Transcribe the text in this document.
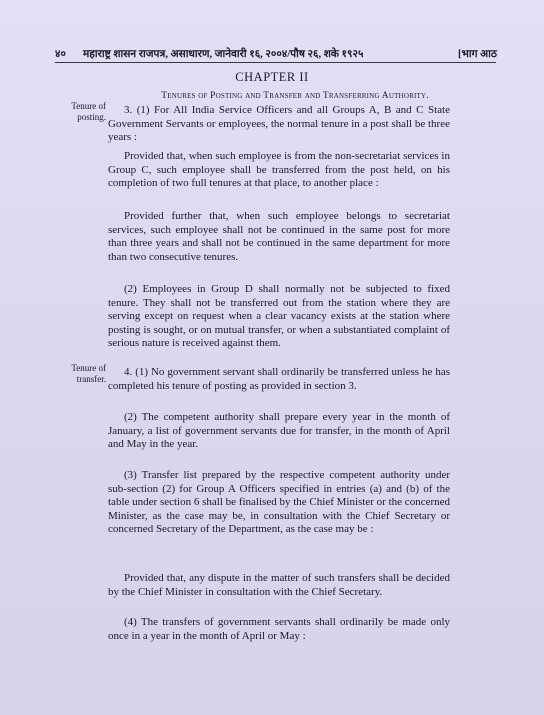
४० महाराष्ट्र शासन राजपत्र, असाधारण, जानेवारी १६, २००४/पौष २६, शके १९२५	[भाग आठ
CHAPTER II
Tenures of Posting and Transfer and Transferring Authority.
Tenure of
posting.
3. (1) For All India Service Officers and all Groups A, B and C State Government Servants or employees, the normal tenure in a post shall be three years :
Provided that, when such employee is from the non-secretariat services in Group C, such employee shall be transferred from the post held, on his completion of two full tenures at that place, to another place :
Provided further that, when such employee belongs to secretariat services, such employee shall not be continued in the same post for more than three years and shall not be continued in the same department for more than two consecutive tenures.
(2) Employees in Group D shall normally not be subjected to fixed tenure. They shall not be transferred out from the station where they are serving except on request when a clear vacancy exists at the station where posting is sought, or on mutual transfer, or when a substantiated complaint of serious nature is received against them.
Tenure of
transfer.
4. (1) No government servant shall ordinarily be transferred unless he has completed his tenure of posting as provided in section 3.
(2) The competent authority shall prepare every year in the month of January, a list of government servants due for transfer, in the month of April and May in the year.
(3) Transfer list prepared by the respective competent authority under sub-section (2) for Group A Officers specified in entries (a) and (b) of the table under section 6 shall be finalised by the Chief Minister or the concerned Minister, as the case may be, in consultation with the Chief Secretary or concerned Secretary of the Department, as the case may be :
Provided that, any dispute in the matter of such transfers shall be decided by the Chief Minister in consultation with the Chief Secretary.
(4) The transfers of government servants shall ordinarily be made only once in a year in the month of April or May :
